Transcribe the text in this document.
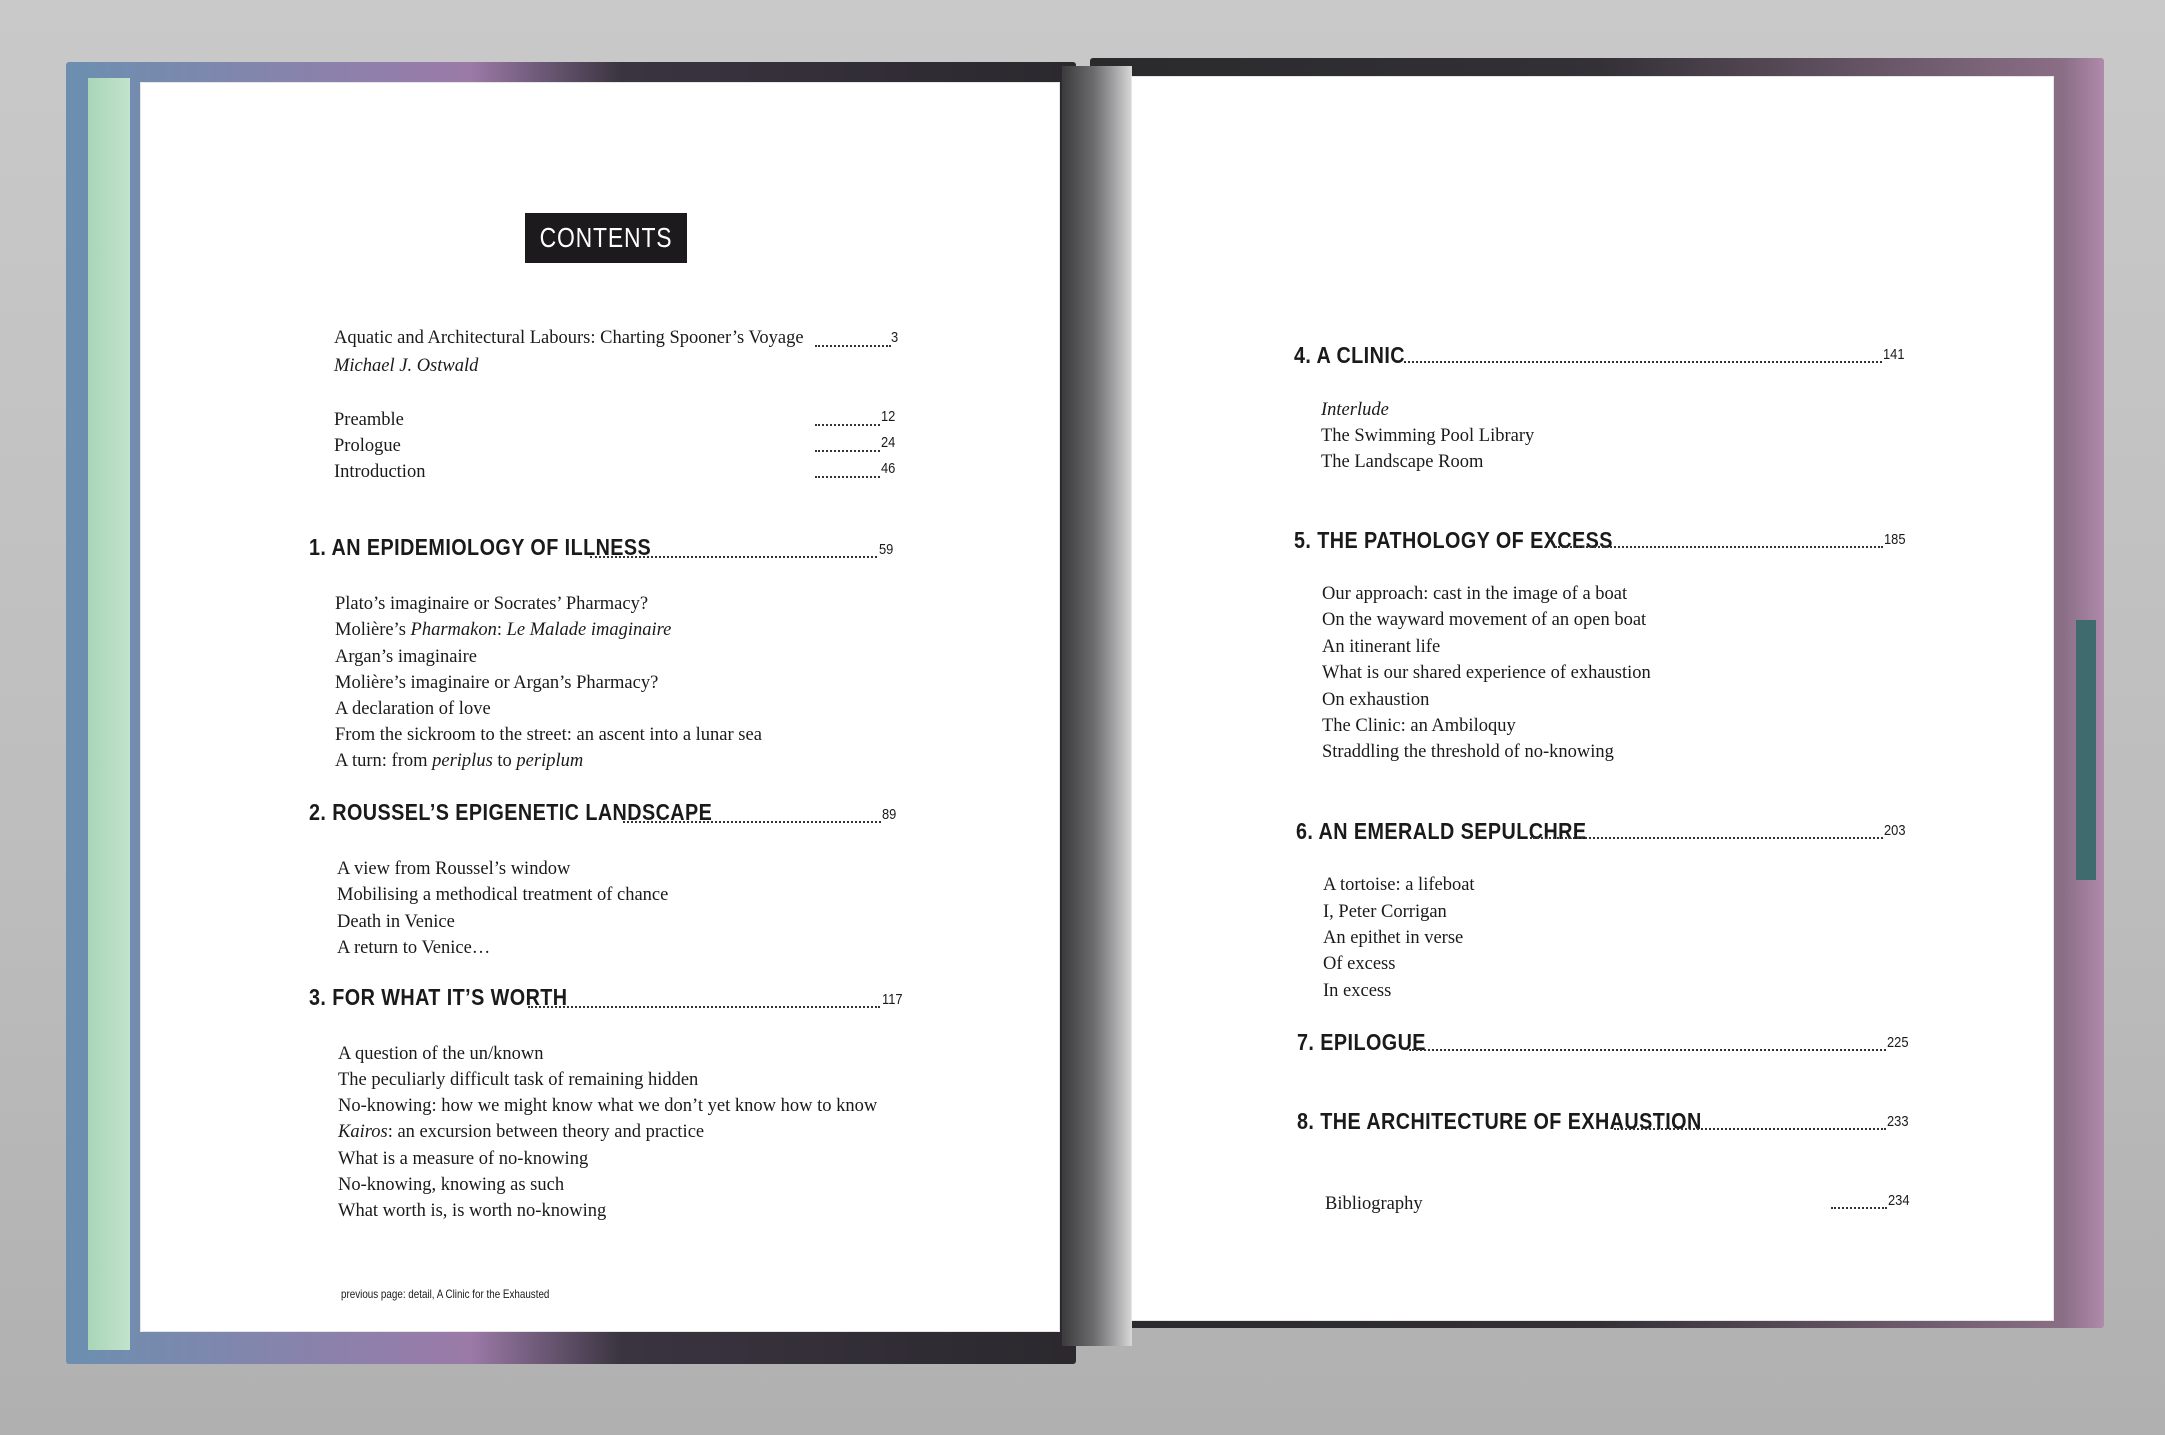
CONTENTS
Aquatic and Architectural Labours: Charting Spooner’s Voyage	3
Michael J. Ostwald
Preamble	12
Prologue	24
Introduction	46
1. AN EPIDEMIOLOGY OF ILLNESS	59
Plato’s imaginaire or Socrates’ Pharmacy?
Molière’s Pharmakon: Le Malade imaginaire
Argan’s imaginaire
Molière’s imaginaire or Argan’s Pharmacy?
A declaration of love
From the sickroom to the street: an ascent into a lunar sea
A turn: from periplus to periplum
2. ROUSSEL’S EPIGENETIC LANDSCAPE	89
A view from Roussel’s window
Mobilising a methodical treatment of chance
Death in Venice
A return to Venice…
3. FOR WHAT IT’S WORTH	117
A question of the un/known
The peculiarly difficult task of remaining hidden
No-knowing: how we might know what we don’t yet know how to know
Kairos: an excursion between theory and practice
What is a measure of no-knowing
No-knowing, knowing as such
What worth is, is worth no-knowing
previous page: detail, A Clinic for the Exhausted
4. A CLINIC	141
Interlude
The Swimming Pool Library
The Landscape Room
5. THE PATHOLOGY OF EXCESS	185
Our approach: cast in the image of a boat
On the wayward movement of an open boat
An itinerant life
What is our shared experience of exhaustion
On exhaustion
The Clinic: an Ambiloquy
Straddling the threshold of no-knowing
6. AN EMERALD SEPULCHRE	203
A tortoise: a lifeboat
I, Peter Corrigan
An epithet in verse
Of excess
In excess
7. EPILOGUE	225
8. THE ARCHITECTURE OF EXHAUSTION	233
Bibliography	234
